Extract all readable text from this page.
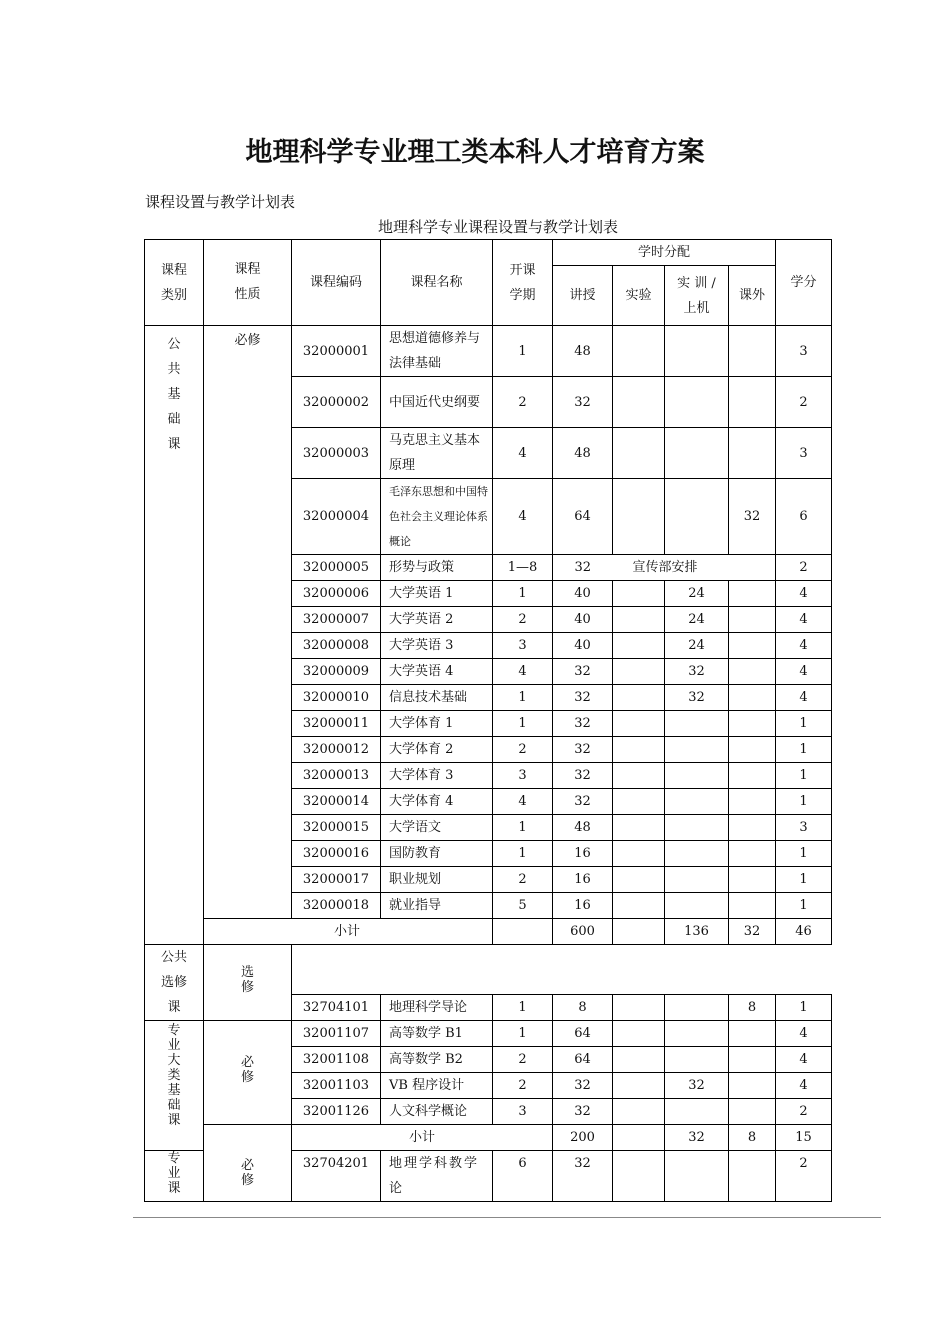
地理科学专业理工类本科人才培育方案
课程设置与教学计划表
地理科学专业课程设置与教学计划表
课程类别	课程性质	课程编码	课程名称	开课学期	学时分配				学分
					讲授	实验	实 训 /上机	课外	
公共基础课	必修	32000001	思想道德修养与法律基础	1	48				3
		32000002	中国近代史纲要	2	32				2
		32000003	马克思主义基本原理	4	48				3
		32000004	毛泽东思想和中国特色社会主义理论体系概论	4	64			32	6
		32000005	形势与政策	1—8	32	宣传部安排			2
		32000006	大学英语 1	1	40		24		4
		32000007	大学英语 2	2	40		24		4
		32000008	大学英语 3	3	40		24		4
		32000009	大学英语 4	4	32		32		4
		32000010	信息技术基础	1	32		32		4
		32000011	大学体育 1	1	32				1
		32000012	大学体育 2	2	32				1
		32000013	大学体育 3	3	32				1
		32000014	大学体育 4	4	32				1
		32000015	大学语文	1	48				3
		32000016	国防教育	1	16				1
		32000017	职业规划	2	16				1
		32000018	就业指导	5	16				1
	小计				600		136	32	46
公共选修课	选修								
		32704101	地理科学导论	1	8			8	1
专业大类基础课	必修	32001107	高等数学 B1	1	64				4
		32001108	高等数学 B2	2	64				4
		32001103	VB 程序设计	2	32		32		4
		32001126	人文科学概论	3	32				2
		小计			200		32	8	15
专业课	必修	32704201	地理学科教学论	6	32				2
